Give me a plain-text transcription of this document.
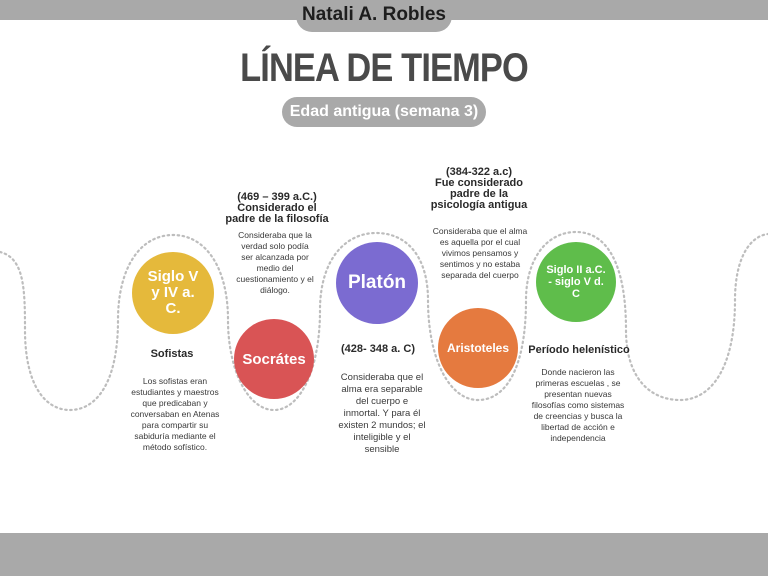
Natali A. Robles
LÍNEA DE TIEMPO
Edad antigua (semana 3)
Siglo V y IV a. C.
Sofistas
Los sofistas eran estudiantes y maestros que predicaban y conversaban en Atenas para compartir su sabiduría mediante el método sofístico.
(469 – 399 a.C.)
Considerado el
padre de la filosofía
Consideraba que la verdad solo podía ser alcanzada por medio del cuestionamiento y el diálogo.
Socrátes
Platón
(428- 348 a. C)
Consideraba que el alma era separable del cuerpo e inmortal. Y para él existen 2 mundos; el inteligible y el sensible
(384-322 a.c)
Fue considerado
padre de la
psicología antigua
Consideraba que el alma es aquella por el cual vivimos pensamos y sentimos y no estaba separada del cuerpo
Aristoteles
Siglo II a.C. - siglo V d. C
Período helenístico
Donde nacieron las primeras escuelas , se presentan nuevas filosofías como sistemas de creencias y busca la libertad de acción e independencia
